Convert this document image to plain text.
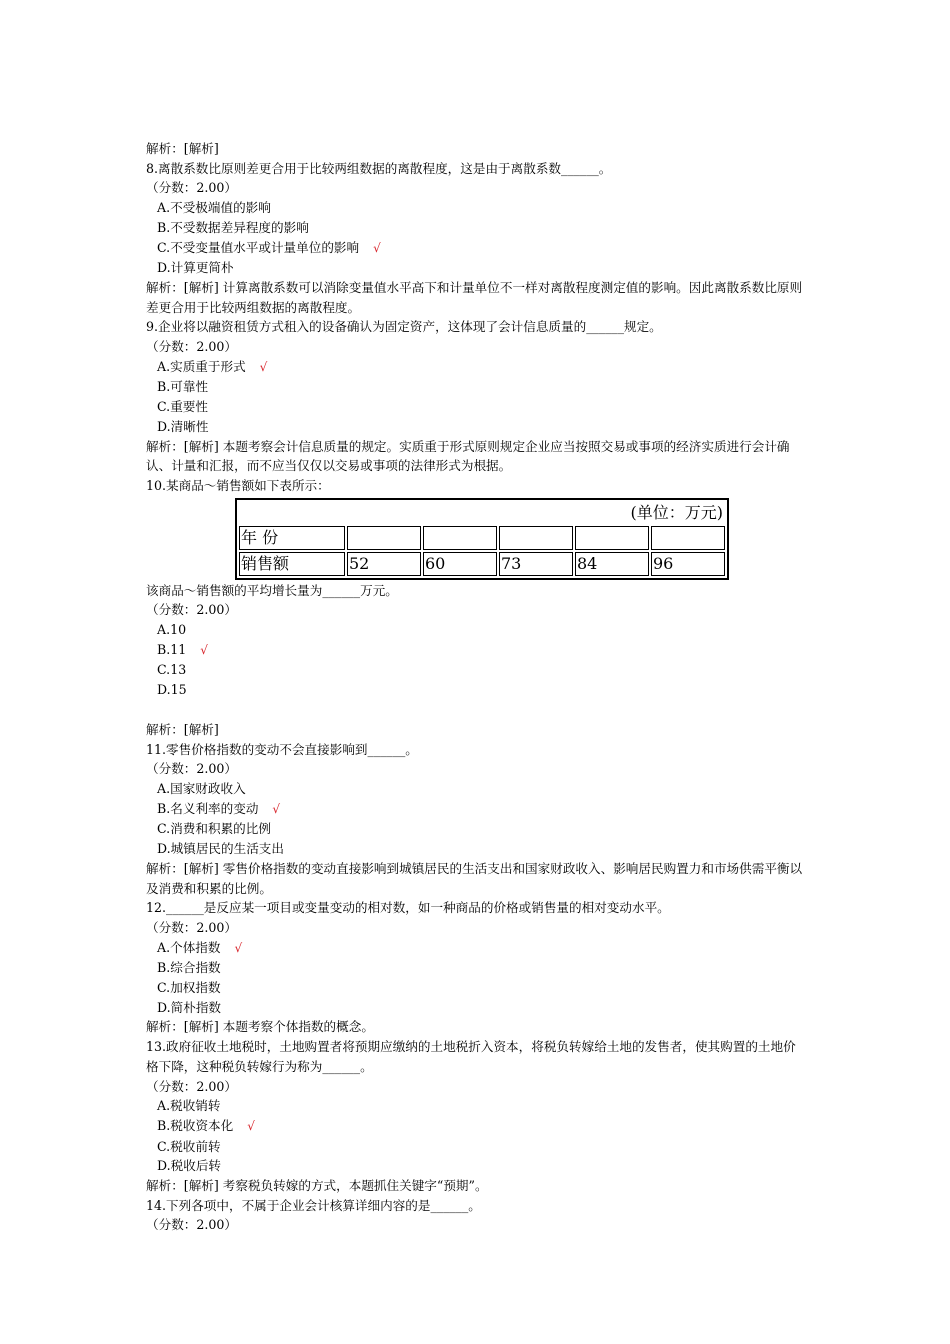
解析：[解析]
8.离散系数比原则差更合用于比较两组数据的离散程度，这是由于离散系数______。
（分数：2.00）
A.不受极端值的影响
B.不受数据差异程度的影响
C.不受变量值水平或计量单位的影响 √
D.计算更简朴
解析：[解析] 计算离散系数可以消除变量值水平高下和计量单位不一样对离散程度测定值的影响。因此离散系数比原则差更合用于比较两组数据的离散程度。
9.企业将以融资租赁方式租入的设备确认为固定资产，这体现了会计信息质量的______规定。
（分数：2.00）
A.实质重于形式 √
B.可靠性
C.重要性
D.清晰性
解析：[解析] 本题考察会计信息质量的规定。实质重于形式原则规定企业应当按照交易或事项的经济实质进行会计确认、计量和汇报，而不应当仅仅以交易或事项的法律形式为根据。
10.某商品～销售额如下表所示：
(单位：万元)					
年 份					
销售额	52	60	73	84	96
该商品～销售额的平均增长量为______万元。
（分数：2.00）
A.10
B.11 √
C.13
D.15
解析：[解析]
11.零售价格指数的变动不会直接影响到______。
（分数：2.00）
A.国家财政收入
B.名义利率的变动 √
C.消费和积累的比例
D.城镇居民的生活支出
解析：[解析] 零售价格指数的变动直接影响到城镇居民的生活支出和国家财政收入、影响居民购置力和市场供需平衡以及消费和积累的比例。
12.______是反应某一项目或变量变动的相对数，如一种商品的价格或销售量的相对变动水平。
（分数：2.00）
A.个体指数 √
B.综合指数
C.加权指数
D.简朴指数
解析：[解析] 本题考察个体指数的概念。
13.政府征收土地税时，土地购置者将预期应缴纳的土地税折入资本，将税负转嫁给土地的发售者，使其购置的土地价格下降，这种税负转嫁行为称为______。
（分数：2.00）
A.税收销转
B.税收资本化 √
C.税收前转
D.税收后转
解析：[解析] 考察税负转嫁的方式，本题抓住关键字“预期”。
14.下列各项中，不属于企业会计核算详细内容的是______。
（分数：2.00）
